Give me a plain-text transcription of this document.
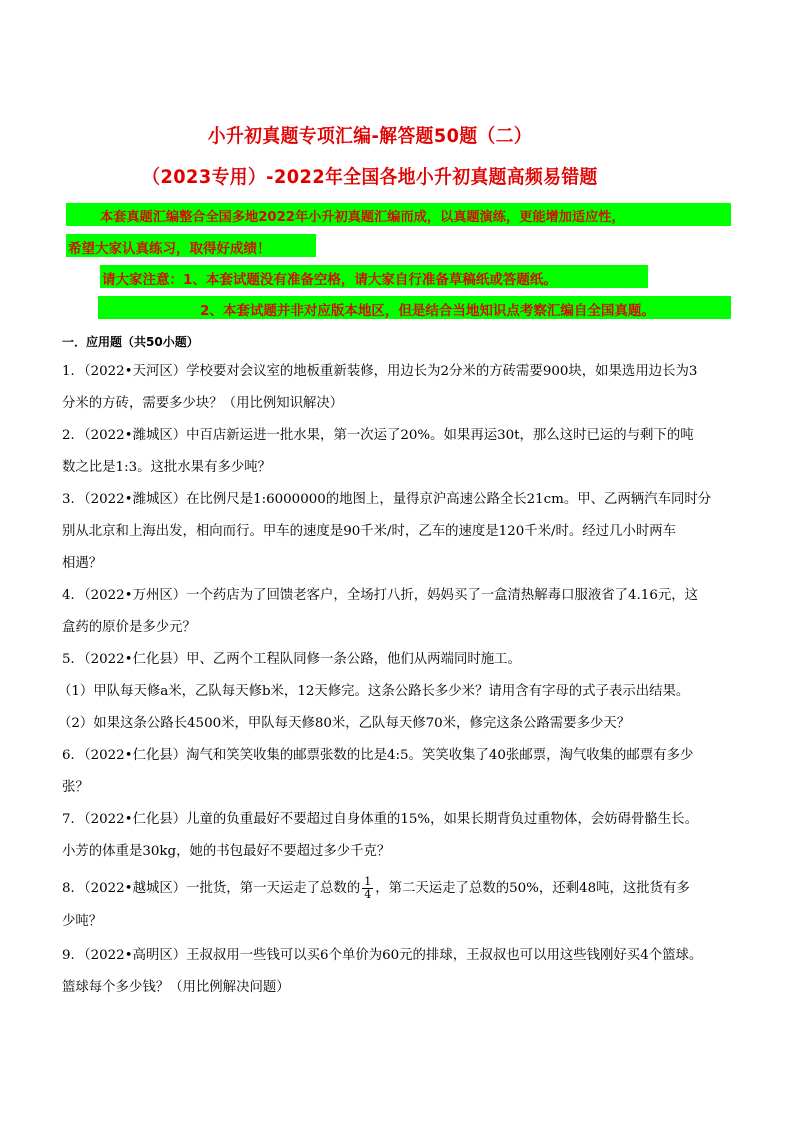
小升初真题专项汇编-解答题50题（二）
（2023专用）-2022年全国各地小升初真题高频易错题
本套真题汇编整合全国多地2022年小升初真题汇编而成，以真题演练，更能增加适应性，
希望大家认真练习，取得好成绩！
请大家注意：1、本套试题没有准备空格，请大家自行准备草稿纸或答题纸。
2、本套试题并非对应版本地区，但是结合当地知识点考察汇编自全国真题。
一．应用题（共50小题）
1．（2022•天河区）学校要对会议室的地板重新装修，用边长为2分米的方砖需要900块，如果选用边长为3
分米的方砖，需要多少块？（用比例知识解决）
2．（2022•潍城区）中百店新运进一批水果，第一次运了20%。如果再运30t，那么这时已运的与剩下的吨
数之比是1:3。这批水果有多少吨？
3．（2022•潍城区）在比例尺是1:6000000的地图上，量得京沪高速公路全长21cm。甲、乙两辆汽车同时分
别从北京和上海出发，相向而行。甲车的速度是90千米/时，乙车的速度是120千米/时。经过几小时两车
相遇？
4．（2022•万州区）一个药店为了回馈老客户，全场打八折，妈妈买了一盒清热解毒口服液省了4.16元，这
盒药的原价是多少元？
5．（2022•仁化县）甲、乙两个工程队同修一条公路，他们从两端同时施工。
（1）甲队每天修a米，乙队每天修b米，12天修完。这条公路长多少米？请用含有字母的式子表示出结果。
（2）如果这条公路长4500米，甲队每天修80米，乙队每天修70米，修完这条公路需要多少天？
6．（2022•仁化县）淘气和笑笑收集的邮票张数的比是4:5。笑笑收集了40张邮票，淘气收集的邮票有多少
张？
7．（2022•仁化县）儿童的负重最好不要超过自身体重的15%，如果长期背负过重物体，会妨碍骨骼生长。
小芳的体重是30kg，她的书包最好不要超过多少千克？
8．（2022•越城区）一批货，第一天运走了总数的 $\frac{1}{4}$ ，第二天运走了总数的50%，还剩48吨，这批货有多
少吨？
9．（2022•高明区）王叔叔用一些钱可以买6个单价为60元的排球，王叔叔也可以用这些钱刚好买4个篮球。
篮球每个多少钱？（用比例解决问题）
